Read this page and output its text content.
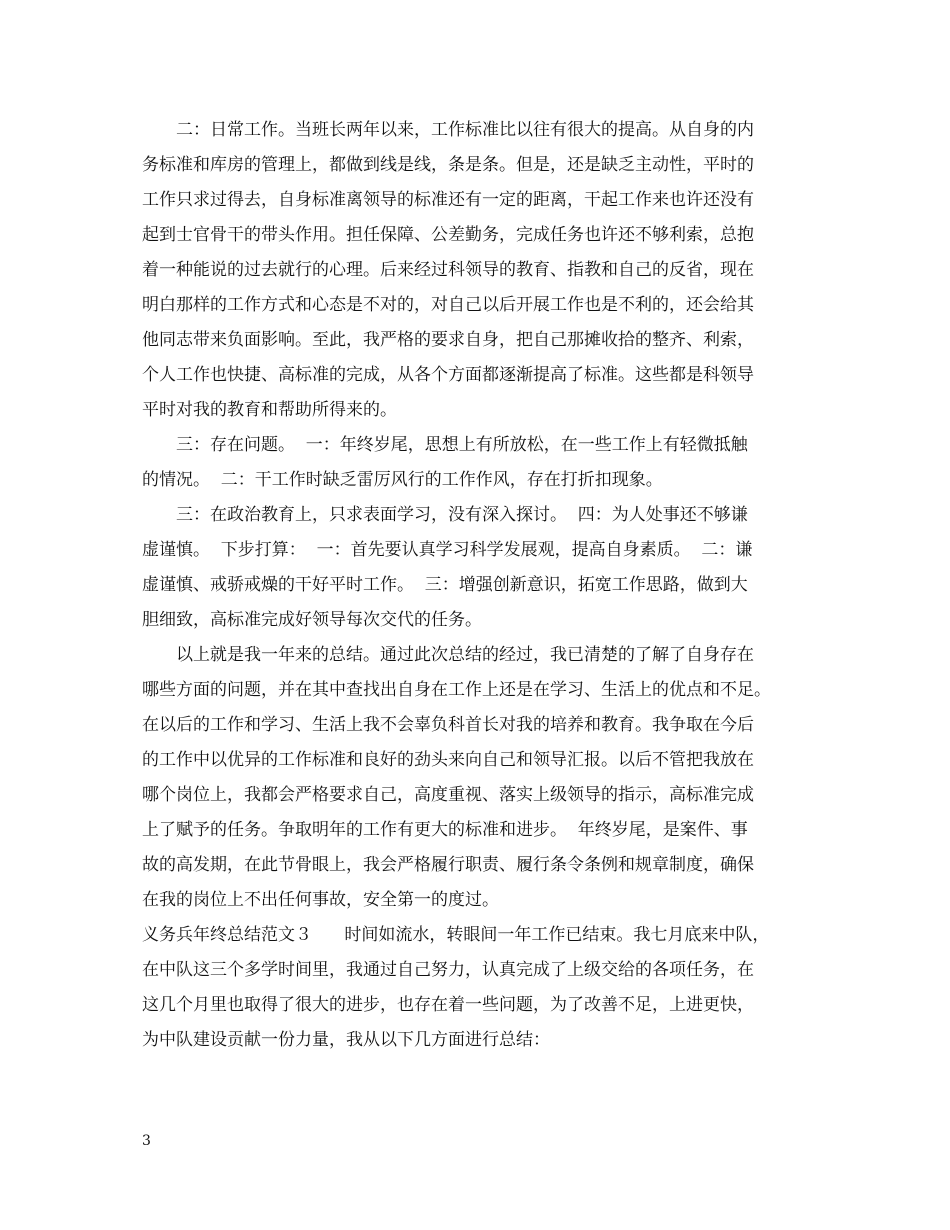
二：日常工作。当班长两年以来，工作标准比以往有很大的提高。从自身的内
务标准和库房的管理上，都做到线是线，条是条。但是，还是缺乏主动性，平时的
工作只求过得去，自身标准离领导的标准还有一定的距离，干起工作来也许还没有
起到士官骨干的带头作用。担任保障、公差勤务，完成任务也许还不够利索，总抱
着一种能说的过去就行的心理。后来经过科领导的教育、指教和自己的反省，现在
明白那样的工作方式和心态是不对的，对自己以后开展工作也是不利的，还会给其
他同志带来负面影响。至此，我严格的要求自身，把自己那摊收拾的整齐、利索，
个人工作也快捷、高标准的完成，从各个方面都逐渐提高了标准。这些都是科领导
平时对我的教育和帮助所得来的。
三：存在问题。  一：年终岁尾，思想上有所放松，在一些工作上有轻微抵触
的情况。  二：干工作时缺乏雷厉风行的工作作风，存在打折扣现象。
三：在政治教育上，只求表面学习，没有深入探讨。  四：为人处事还不够谦
虚谨慎。  下步打算：  一：首先要认真学习科学发展观，提高自身素质。  二：谦
虚谨慎、戒骄戒燥的干好平时工作。  三：增强创新意识，拓宽工作思路，做到大
胆细致，高标准完成好领导每次交代的任务。
以上就是我一年来的总结。通过此次总结的经过，我已清楚的了解了自身存在
哪些方面的问题，并在其中查找出自身在工作上还是在学习、生活上的优点和不足。
在以后的工作和学习、生活上我不会辜负科首长对我的培养和教育。我争取在今后
的工作中以优异的工作标准和良好的劲头来向自己和领导汇报。以后不管把我放在
哪个岗位上，我都会严格要求自己，高度重视、落实上级领导的指示，高标准完成
上了赋予的任务。争取明年的工作有更大的标准和进步。  年终岁尾，是案件、事
故的高发期，在此节骨眼上，我会严格履行职责、履行条令条例和规章制度，确保
在我的岗位上不出任何事故，安全第一的度过。
义务兵年终总结范文３      时间如流水，转眼间一年工作已结束。我七月底来中队，
在中队这三个多学时间里，我通过自己努力，认真完成了上级交给的各项任务，在
这几个月里也取得了很大的进步，也存在着一些问题，为了改善不足，上进更快，
为中队建设贡献一份力量，我从以下几方面进行总结：
3
